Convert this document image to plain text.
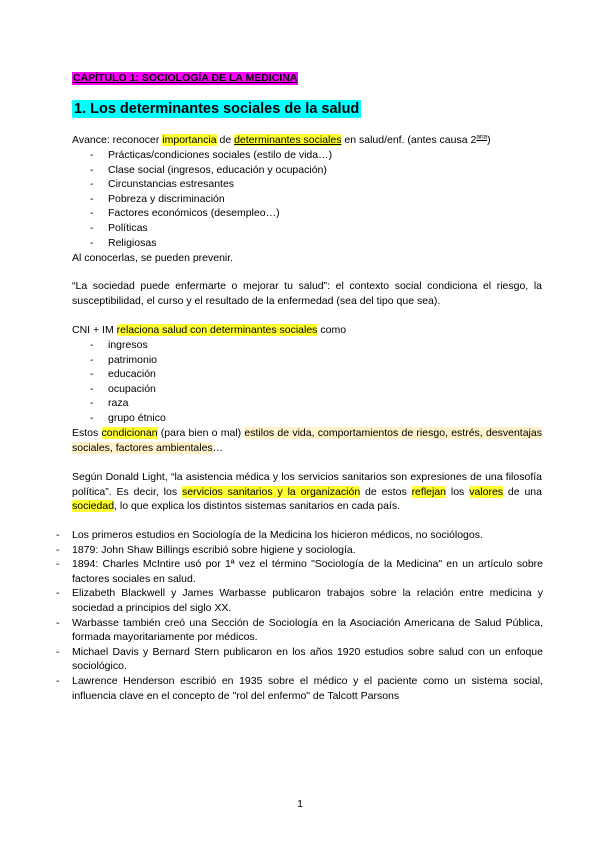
CAPÍTULO 1: SOCIOLOGÍA DE LA MEDICINA
1. Los determinantes sociales de la salud
Avance: reconocer importancia de determinantes sociales en salud/enf. (antes causa $2^{aria}$)
- Prácticas/condiciones sociales (estilo de vida…)
- Clase social (ingresos, educación y ocupación)
- Circunstancias estresantes
- Pobreza y discriminación
- Factores económicos (desempleo…)
- Políticas
- Religiosas
Al conocerlas, se pueden prevenir.
“La sociedad puede enfermarte o mejorar tu salud”: el contexto social condiciona el riesgo, la susceptibilidad, el curso y el resultado de la enfermedad (sea del tipo que sea).
CNI + IM relaciona salud con determinantes sociales como
- ingresos
- patrimonio
- educación
- ocupación
- raza
- grupo étnico
Estos condicionan (para bien o mal) estilos de vida, comportamientos de riesgo, estrés, desventajas sociales, factores ambientales…
Según Donald Light, “la asistencia médica y los servicios sanitarios son expresiones de una filosofía política”. Es decir, los servicios sanitarios y la organización de estos reflejan los valores de una sociedad, lo que explica los distintos sistemas sanitarios en cada país.
- Los primeros estudios en Sociología de la Medicina los hicieron médicos, no sociólogos.
- 1879: John Shaw Billings escribió sobre higiene y sociología.
- 1894: Charles McIntire usó por 1ª vez el término "Sociología de la Medicina" en un artículo sobre factores sociales en salud.
- Elizabeth Blackwell y James Warbasse publicaron trabajos sobre la relación entre medicina y sociedad a principios del siglo XX.
- Warbasse también creó una Sección de Sociología en la Asociación Americana de Salud Pública, formada mayoritariamente por médicos.
- Michael Davis y Bernard Stern publicaron en los años 1920 estudios sobre salud con un enfoque sociológico.
- Lawrence Henderson escribió en 1935 sobre el médico y el paciente como un sistema social, influencia clave en el concepto de "rol del enfermo" de Talcott Parsons
1
